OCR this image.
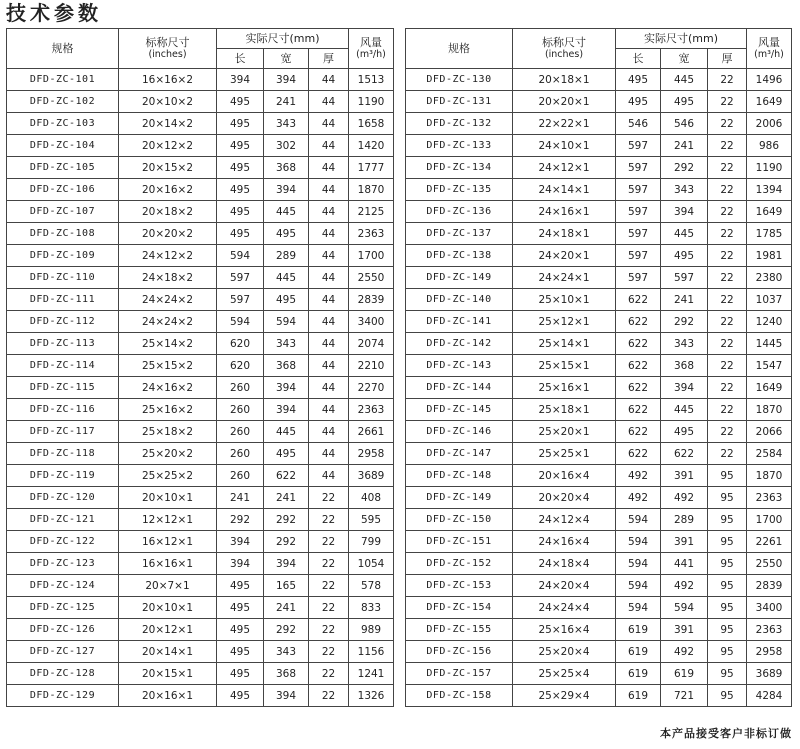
技术参数
规格	标称尺寸
(inches)	实际尺寸(mm)			风量
(m³/h)

		长	宽	厚	
DFD-ZC-101	16×16×2	394	394	44	1513
DFD-ZC-102	20×10×2	495	241	44	1190
DFD-ZC-103	20×14×2	495	343	44	1658
DFD-ZC-104	20×12×2	495	302	44	1420
DFD-ZC-105	20×15×2	495	368	44	1777
DFD-ZC-106	20×16×2	495	394	44	1870
DFD-ZC-107	20×18×2	495	445	44	2125
DFD-ZC-108	20×20×2	495	495	44	2363
DFD-ZC-109	24×12×2	594	289	44	1700
DFD-ZC-110	24×18×2	597	445	44	2550
DFD-ZC-111	24×24×2	597	495	44	2839
DFD-ZC-112	24×24×2	594	594	44	3400
DFD-ZC-113	25×14×2	620	343	44	2074
DFD-ZC-114	25×15×2	620	368	44	2210
DFD-ZC-115	24×16×2	260	394	44	2270
DFD-ZC-116	25×16×2	260	394	44	2363
DFD-ZC-117	25×18×2	260	445	44	2661
DFD-ZC-118	25×20×2	260	495	44	2958
DFD-ZC-119	25×25×2	260	622	44	3689
DFD-ZC-120	20×10×1	241	241	22	408
DFD-ZC-121	12×12×1	292	292	22	595
DFD-ZC-122	16×12×1	394	292	22	799
DFD-ZC-123	16×16×1	394	394	22	1054
DFD-ZC-124	20×7×1	495	165	22	578
DFD-ZC-125	20×10×1	495	241	22	833
DFD-ZC-126	20×12×1	495	292	22	989
DFD-ZC-127	20×14×1	495	343	22	1156
DFD-ZC-128	20×15×1	495	368	22	1241
DFD-ZC-129	20×16×1	495	394	22	1326
规格	标称尺寸
(inches)	实际尺寸(mm)			风量
(m³/h)

		长	宽	厚	
DFD-ZC-130	20×18×1	495	445	22	1496
DFD-ZC-131	20×20×1	495	495	22	1649
DFD-ZC-132	22×22×1	546	546	22	2006
DFD-ZC-133	24×10×1	597	241	22	986
DFD-ZC-134	24×12×1	597	292	22	1190
DFD-ZC-135	24×14×1	597	343	22	1394
DFD-ZC-136	24×16×1	597	394	22	1649
DFD-ZC-137	24×18×1	597	445	22	1785
DFD-ZC-138	24×20×1	597	495	22	1981
DFD-ZC-149	24×24×1	597	597	22	2380
DFD-ZC-140	25×10×1	622	241	22	1037
DFD-ZC-141	25×12×1	622	292	22	1240
DFD-ZC-142	25×14×1	622	343	22	1445
DFD-ZC-143	25×15×1	622	368	22	1547
DFD-ZC-144	25×16×1	622	394	22	1649
DFD-ZC-145	25×18×1	622	445	22	1870
DFD-ZC-146	25×20×1	622	495	22	2066
DFD-ZC-147	25×25×1	622	622	22	2584
DFD-ZC-148	20×16×4	492	391	95	1870
DFD-ZC-149	20×20×4	492	492	95	2363
DFD-ZC-150	24×12×4	594	289	95	1700
DFD-ZC-151	24×16×4	594	391	95	2261
DFD-ZC-152	24×18×4	594	441	95	2550
DFD-ZC-153	24×20×4	594	492	95	2839
DFD-ZC-154	24×24×4	594	594	95	3400
DFD-ZC-155	25×16×4	619	391	95	2363
DFD-ZC-156	25×20×4	619	492	95	2958
DFD-ZC-157	25×25×4	619	619	95	3689
DFD-ZC-158	25×29×4	619	721	95	4284
本产品接受客户非标订做
